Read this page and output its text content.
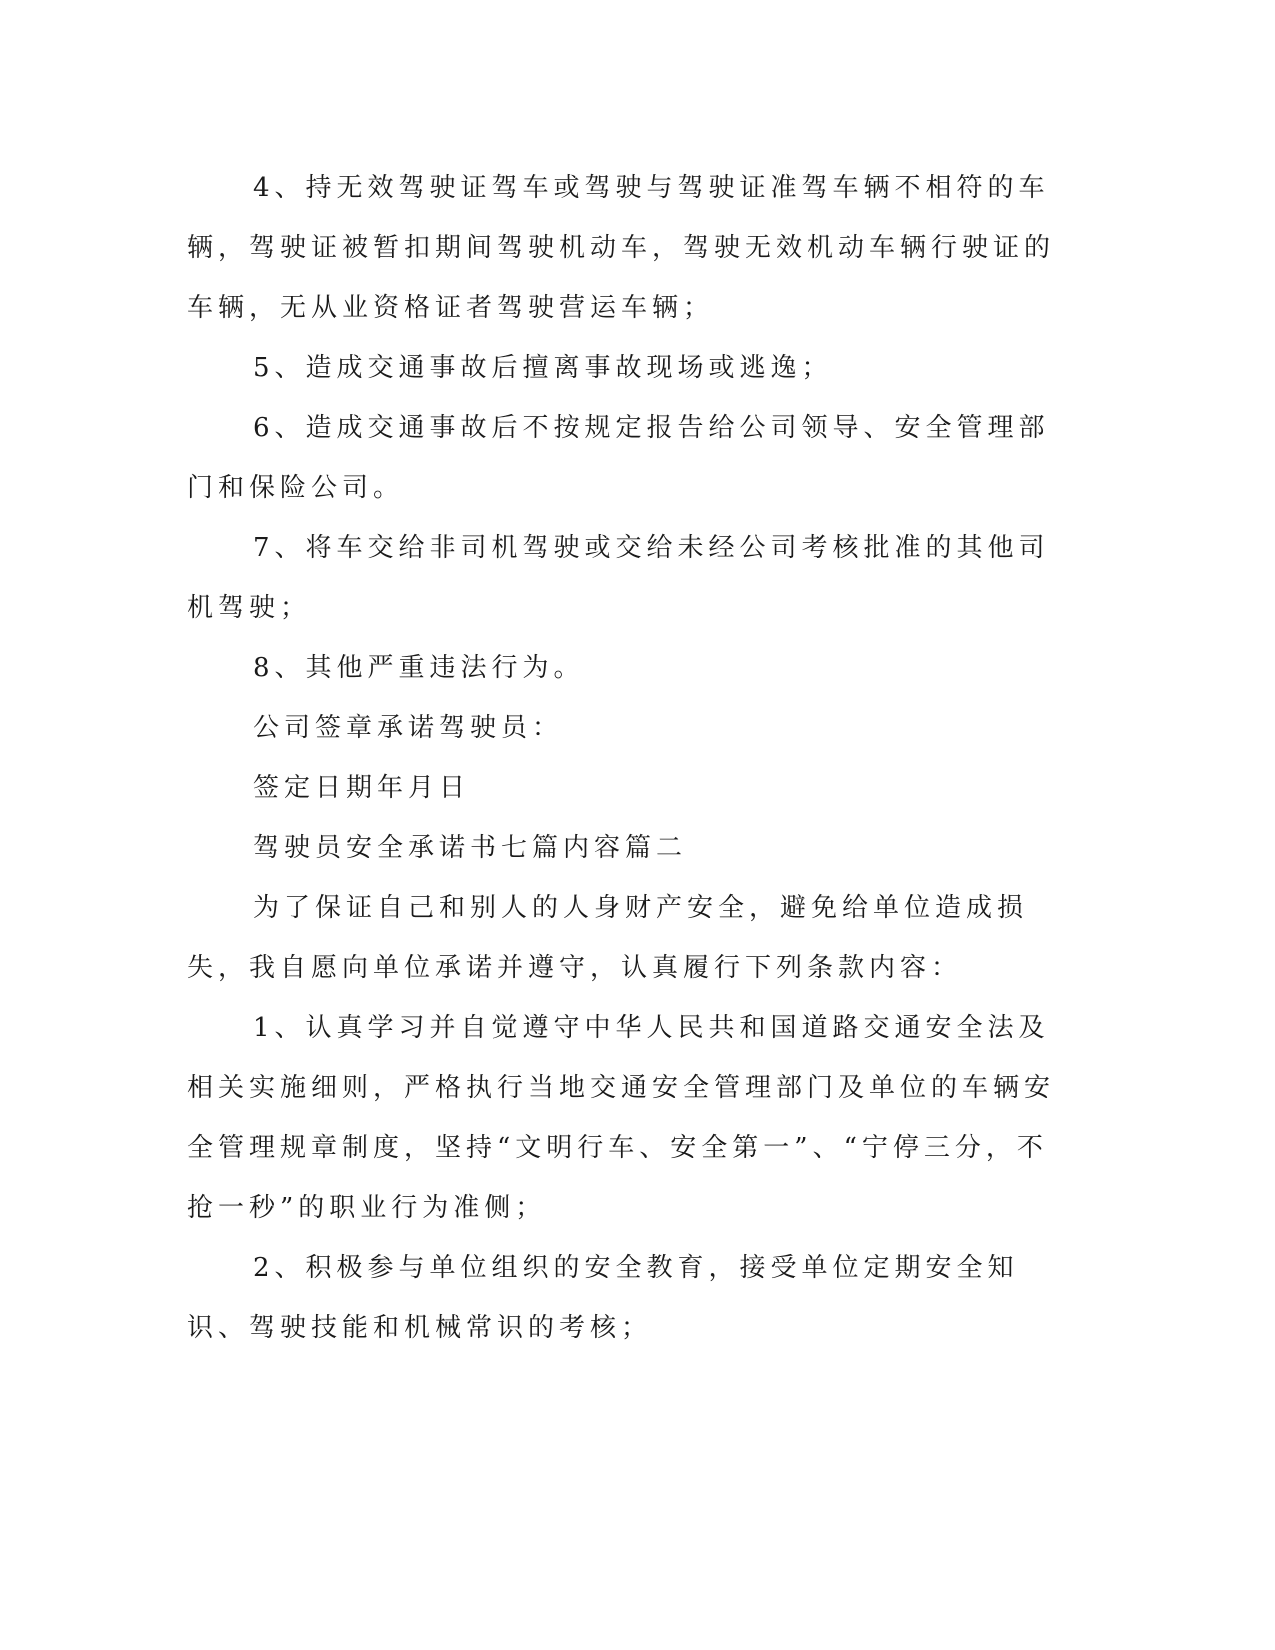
4、持无效驾驶证驾车或驾驶与驾驶证准驾车辆不相符的车辆，驾驶证被暂扣期间驾驶机动车，驾驶无效机动车辆行驶证的车辆，无从业资格证者驾驶营运车辆；

5、造成交通事故后擅离事故现场或逃逸；

6、造成交通事故后不按规定报告给公司领导、安全管理部门和保险公司。

7、将车交给非司机驾驶或交给未经公司考核批准的其他司机驾驶；

8、其他严重违法行为。

公司签章承诺驾驶员：

签定日期年月日

驾驶员安全承诺书七篇内容篇二

为了保证自己和别人的人身财产安全，避免给单位造成损失，我自愿向单位承诺并遵守，认真履行下列条款内容：

1、认真学习并自觉遵守中华人民共和国道路交通安全法及相关实施细则，严格执行当地交通安全管理部门及单位的车辆安全管理规章制度，坚持“文明行车、安全第一”、“宁停三分，不抢一秒”的职业行为准侧；

2、积极参与单位组织的安全教育，接受单位定期安全知识、驾驶技能和机械常识的考核；
